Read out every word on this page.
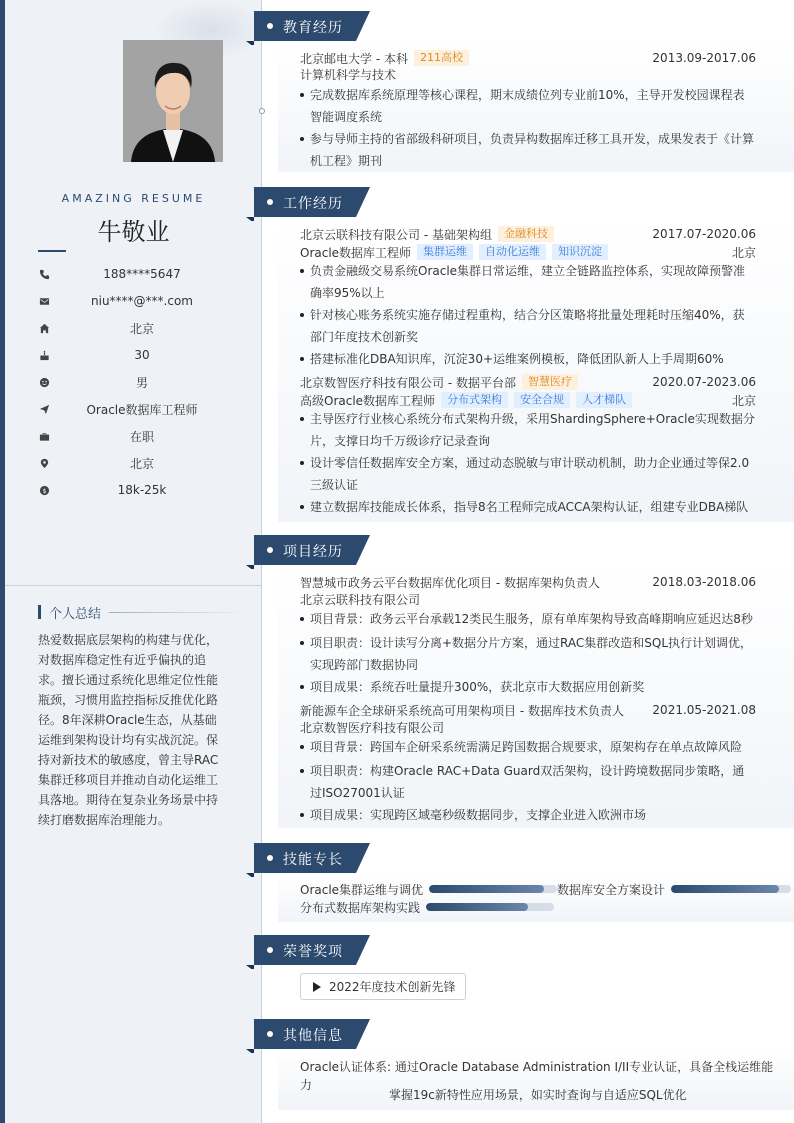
AMAZING RESUME
牛敬业
188****5647
niu****@***.com
北京
30
男
Oracle数据库工程师
在职
北京
$	18k-25k
个人总结
热爱数据底层架构的构建与优化，对数据库稳定性有近乎偏执的追求。擅长通过系统化思维定位性能瓶颈，习惯用监控指标反推优化路径。8年深耕Oracle生态，从基础运维到架构设计均有实战沉淀。保持对新技术的敏感度，曾主导RAC集群迁移项目并推动自动化运维工具落地。期待在复杂业务场景中持续打磨数据库治理能力。
教育经历
北京邮电大学 - 本科	211高校	2013.09-2017.06
计算机科学与技术
完成数据库系统原理等核心课程，期末成绩位列专业前10%，主导开发校园课程表智能调度系统
参与导师主持的省部级科研项目，负责异构数据库迁移工具开发，成果发表于《计算机工程》期刊
工作经历
北京云联科技有限公司 - 基础架构组	金融科技	2017.07-2020.06
Oracle数据库工程师	集群运维	自动化运维	知识沉淀	北京
负责金融级交易系统Oracle集群日常运维，建立全链路监控体系，实现故障预警准确率95%以上
针对核心账务系统实施存储过程重构，结合分区策略将批量处理耗时压缩40%，获部门年度技术创新奖
搭建标准化DBA知识库，沉淀30+运维案例模板，降低团队新人上手周期60%
北京数智医疗科技有限公司 - 数据平台部	智慧医疗	2020.07-2023.06
高级Oracle数据库工程师	分布式架构	安全合规	人才梯队	北京
主导医疗行业核心系统分布式架构升级，采用ShardingSphere+Oracle实现数据分片，支撑日均千万级诊疗记录查询
设计零信任数据库安全方案，通过动态脱敏与审计联动机制，助力企业通过等保2.0三级认证
建立数据库技能成长体系，指导8名工程师完成ACCA架构认证，组建专业DBA梯队
项目经历
智慧城市政务云平台数据库优化项目 - 数据库架构负责人	2018.03-2018.06
北京云联科技有限公司
项目背景：政务云平台承载12类民生服务，原有单库架构导致高峰期响应延迟达8秒
项目职责：设计读写分离+数据分片方案，通过RAC集群改造和SQL执行计划调优，实现跨部门数据协同
项目成果：系统吞吐量提升300%，获北京市大数据应用创新奖
新能源车企全球研采系统高可用架构项目 - 数据库技术负责人 2021.05-2021.08
北京数智医疗科技有限公司
项目背景：跨国车企研采系统需满足跨国数据合规要求，原架构存在单点故障风险
项目职责：构建Oracle RAC+Data Guard双活架构，设计跨境数据同步策略，通过ISO27001认证
项目成果：实现跨区域毫秒级数据同步，支撑企业进入欧洲市场
技能专长
Oracle集群运维与调优	数据库安全方案设计
分布式数据库架构实践
荣誉奖项
2022年度技术创新先锋
其他信息
Oracle认证体系: 通过Oracle Database Administration I/II专业认证，具备全栈运维能力
掌握19c新特性应用场景，如实时查询与自适应SQL优化
